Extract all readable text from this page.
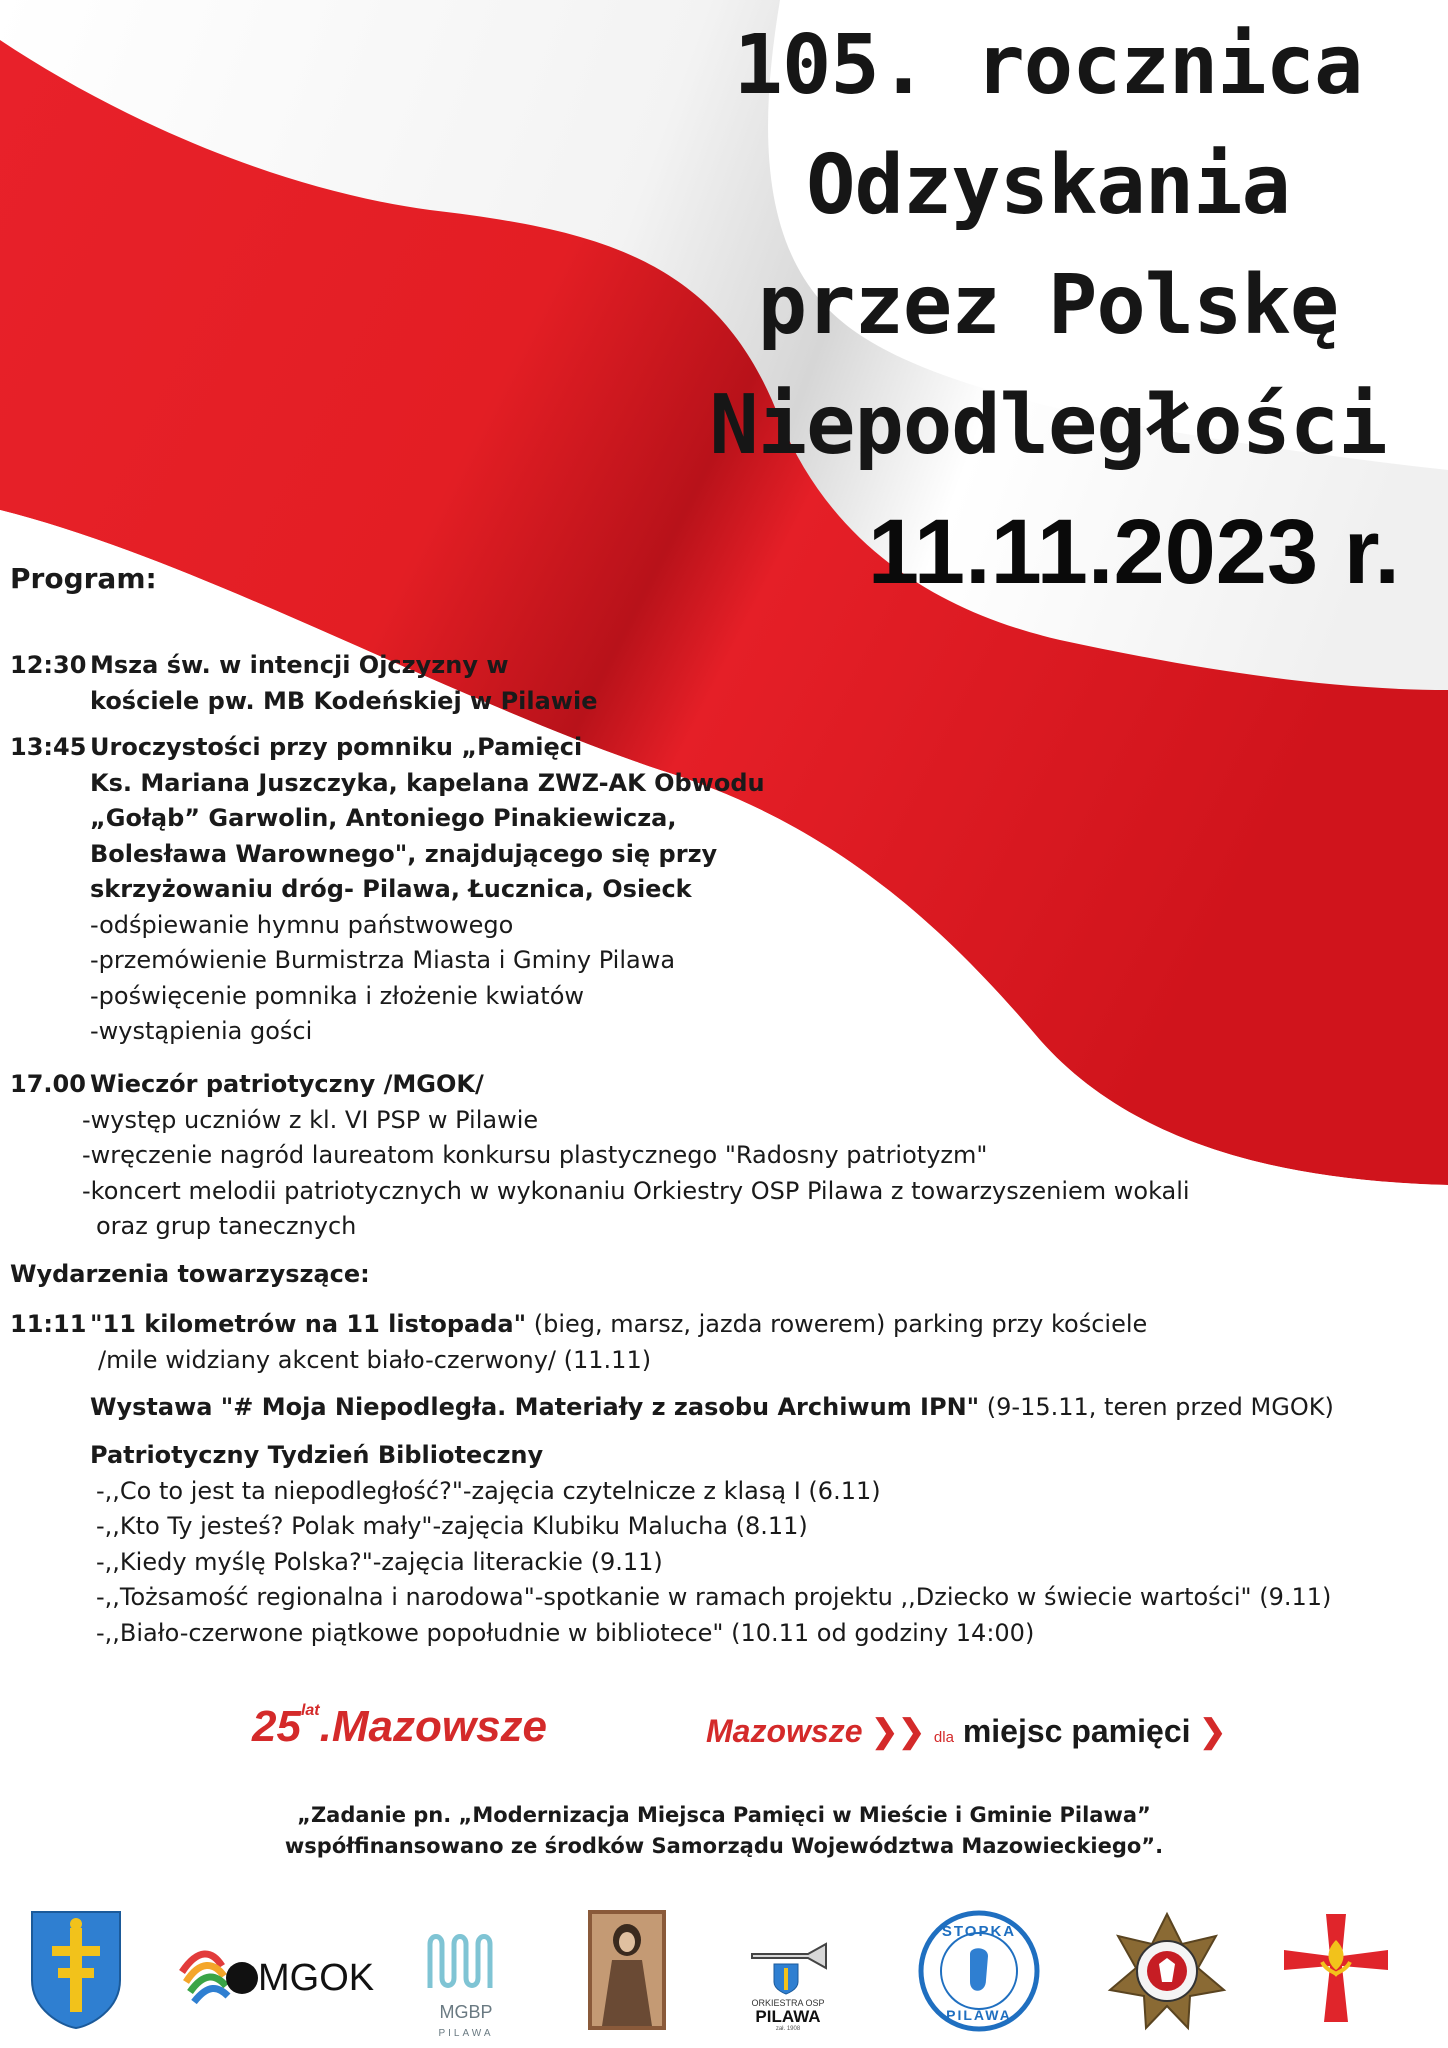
105. rocznica
Odzyskania
przez Polskę
Niepodległości
11.11.2023 r.
Program:
12:30 Msza św. w intencji Ojczyzny w
kościele pw. MB Kodeńskiej w Pilawie
13:45 Uroczystości przy pomniku „Pamięci
Ks. Mariana Juszczyka, kapelana ZWZ-AK Obwodu
„Gołąb” Garwolin, Antoniego Pinakiewicza,
Bolesława Warownego", znajdującego się przy
skrzyżowaniu dróg- Pilawa, Łucznica, Osieck
-odśpiewanie hymnu państwowego
-przemówienie Burmistrza Miasta i Gminy Pilawa
-poświęcenie pomnika i złożenie kwiatów
-wystąpienia gości
17.00 Wieczór patriotyczny /MGOK/
-występ uczniów z kl. VI PSP w Pilawie
-wręczenie nagród laureatom konkursu plastycznego "Radosny patriotyzm"
-koncert melodii patriotycznych w wykonaniu Orkiestry OSP Pilawa z towarzyszeniem wokali
oraz grup tanecznych
Wydarzenia towarzyszące:
11:11 "11 kilometrów na 11 listopada" (bieg, marsz, jazda rowerem) parking przy kościele
/mile widziany akcent biało-czerwony/ (11.11)
Wystawa "# Moja Niepodległa. Materiały z zasobu Archiwum IPN" (9-15.11, teren przed MGOK)
Patriotyczny Tydzień Biblioteczny
-,,Co to jest ta niepodległość?"-zajęcia czytelnicze z klasą I (6.11)
-,,Kto Ty jesteś? Polak mały"-zajęcia Klubiku Malucha (8.11)
-,,Kiedy myślę Polska?"-zajęcia literackie (9.11)
-,,Tożsamość regionalna i narodowa"-spotkanie w ramach projektu ,,Dziecko w świecie wartości" (9.11)
-,,Biało-czerwone piątkowe popołudnie w bibliotece" (10.11 od godziny 14:00)
$25^{lat}.Mazowsze$	Mazowsze ❯❯ dla miejsc pamięci ❯
„Zadanie pn. „Modernizacja Miejsca Pamięci w Mieście i Gminie Pilawa”
współfinansowano ze środków Samorządu Województwa Mazowieckiego”.
MGOK
MGBP
PILAWA
ORKIESTRA OSP
PILAWA
zał. 1908
STOPKA
PILAWA
